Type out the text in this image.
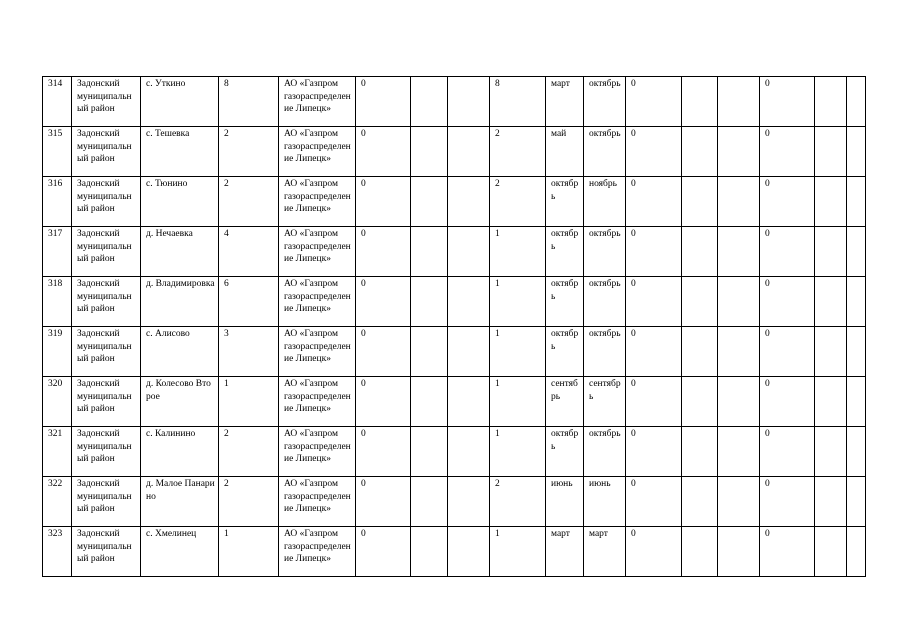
314	Задонский муниципальный район	с. Уткино	8	АО «Газпром газораспределение Липецк»	0			8	март	октябрь	0			0		
315	Задонский муниципальный район	с. Тешевка	2	АО «Газпром газораспределение Липецк»	0			2	май	октябрь	0			0		
316	Задонский муниципальный район	с. Тюнино	2	АО «Газпром газораспределение Липецк»	0			2	октябрь	ноябрь	0			0		
317	Задонский муниципальный район	д. Нечаевка	4	АО «Газпром газораспределение Липецк»	0			1	октябрь	октябрь	0			0		
318	Задонский муниципальный район	д. Владимировка	6	АО «Газпром газораспределение Липецк»	0			1	октябрь	октябрь	0			0		
319	Задонский муниципальный район	с. Алисово	3	АО «Газпром газораспределение Липецк»	0			1	октябрь	октябрь	0			0		
320	Задонский муниципальный район	д. Колесово Второе	1	АО «Газпром газораспределение Липецк»	0			1	сентябрь	сентябрь	0			0		
321	Задонский муниципальный район	с. Калинино	2	АО «Газпром газораспределение Липецк»	0			1	октябрь	октябрь	0			0		
322	Задонский муниципальный район	д. Малое Панарино	2	АО «Газпром газораспределение Липецк»	0			2	июнь	июнь	0			0		
323	Задонский муниципальный район	с. Хмелинец	1	АО «Газпром газораспределение Липецк»	0			1	март	март	0			0		
